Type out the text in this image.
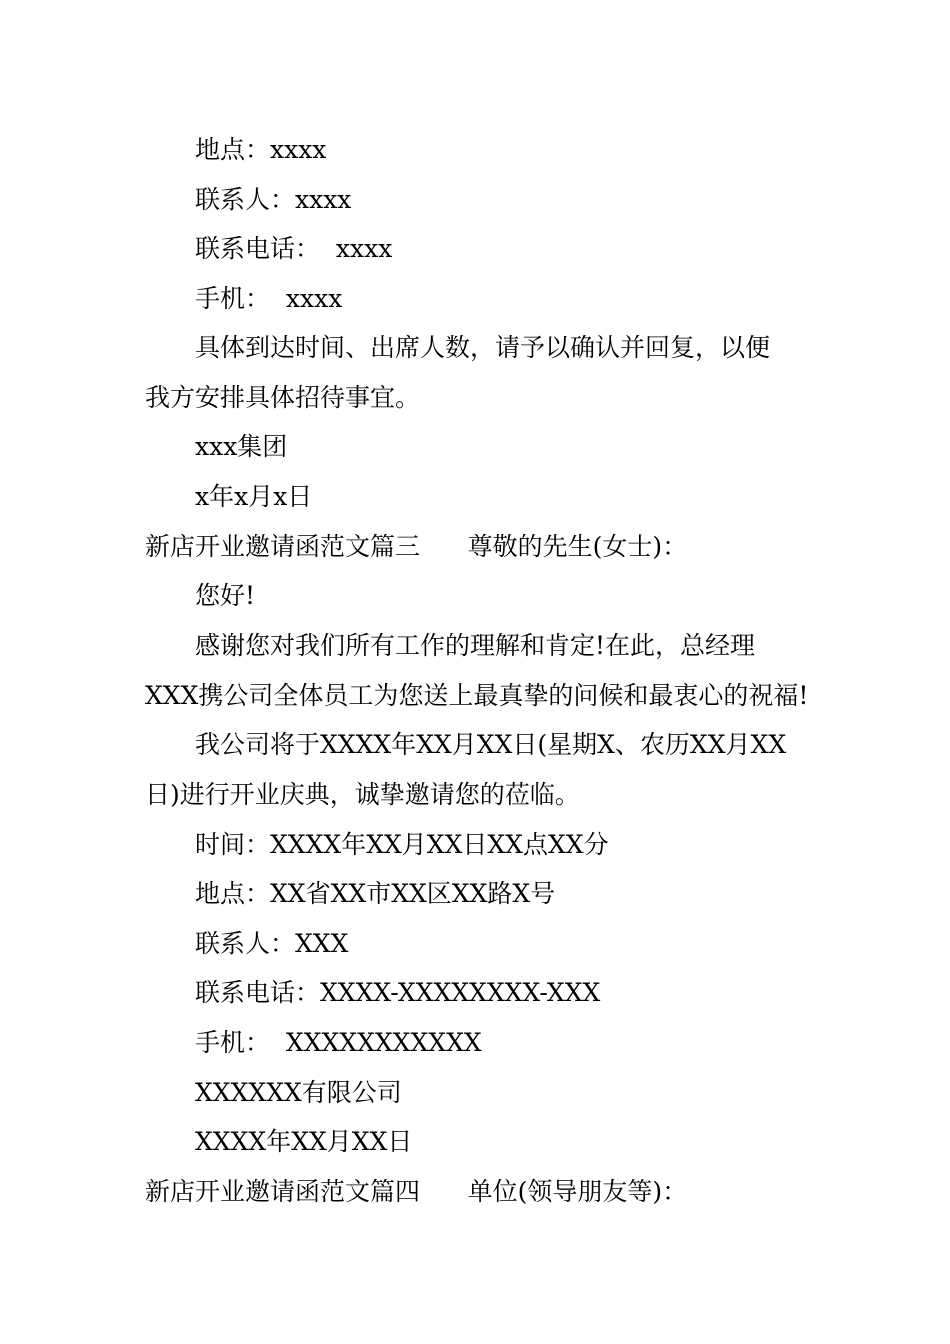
地点：xxxx
联系人：xxxx
联系电话：  xxxx
手机：  xxxx
具体到达时间、出席人数，请予以确认并回复，以便
我方安排具体招待事宜。
xxx集团
x年x月x日
新店开业邀请函范文篇三      尊敬的先生(女士)：
您好!
感谢您对我们所有工作的理解和肯定!在此，总经理
XXX携公司全体员工为您送上最真挚的问候和最衷心的祝福!
我公司将于XXXX年XX月XX日(星期X、农历XX月XX
日)进行开业庆典，诚挚邀请您的莅临。
时间：XXXX年XX月XX日XX点XX分
地点：XX省XX市XX区XX路X号
联系人：XXX
联系电话：XXXX-XXXXXXXX-XXX
手机：  XXXXXXXXXXX
XXXXXX有限公司
XXXX年XX月XX日
新店开业邀请函范文篇四      单位(领导朋友等)：
